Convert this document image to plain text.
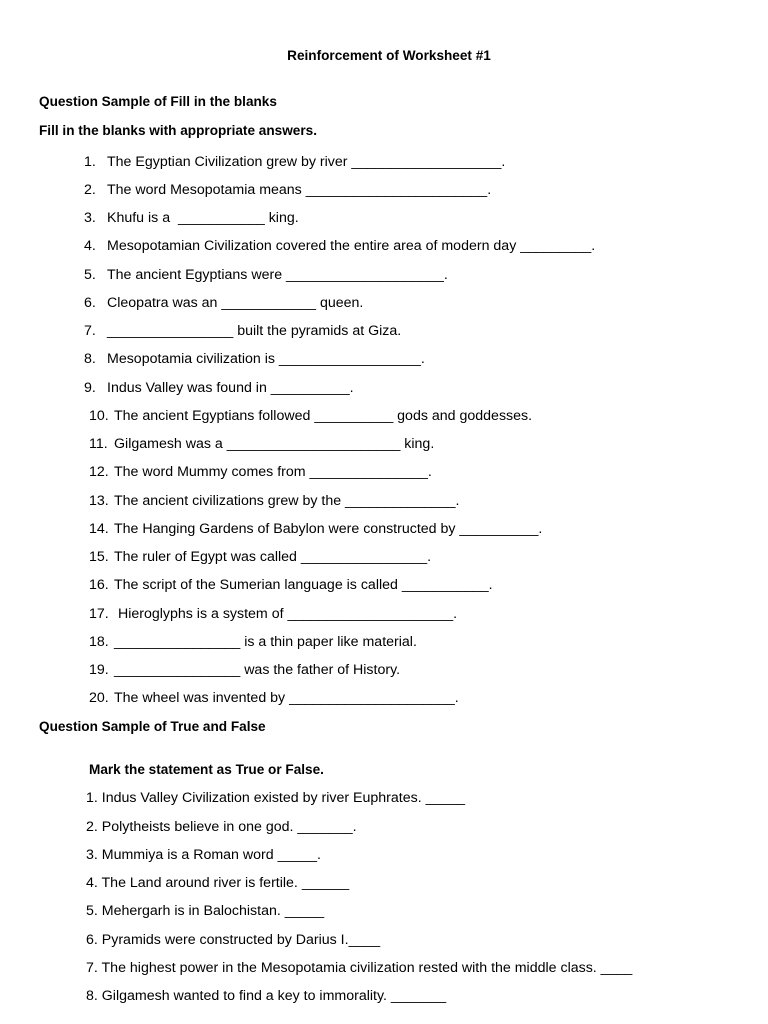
Reinforcement of Worksheet #1
Question Sample of Fill in the blanks
Fill in the blanks with appropriate answers.
1. The Egyptian Civilization grew by river ___________________.
2. The word Mesopotamia means _______________________.
3. Khufu is a  ___________ king.
4. Mesopotamian Civilization covered the entire area of modern day _________.
5. The ancient Egyptians were ____________________.
6. Cleopatra was an ____________ queen.
7. ________________ built the pyramids at Giza.
8. Mesopotamia civilization is __________________.
9. Indus Valley was found in __________.
10. The ancient Egyptians followed __________ gods and goddesses.
11. Gilgamesh was a ______________________ king.
12. The word Mummy comes from _______________.
13. The ancient civilizations grew by the ______________.
14. The Hanging Gardens of Babylon were constructed by __________.
15. The ruler of Egypt was called ________________.
16. The script of the Sumerian language is called ___________.
17. Hieroglyphs is a system of _____________________.
18. ________________ is a thin paper like material.
19. ________________ was the father of History.
20. The wheel was invented by _____________________.
Question Sample of True and False
Mark the statement as True or False.
1. Indus Valley Civilization existed by river Euphrates. _____
2. Polytheists believe in one god. _______.
3. Mummiya is a Roman word _____.
4. The Land around river is fertile. ______
5. Mehergarh is in Balochistan. _____
6. Pyramids were constructed by Darius I.____
7. The highest power in the Mesopotamia civilization rested with the middle class. ____
8. Gilgamesh wanted to find a key to immorality. _______
